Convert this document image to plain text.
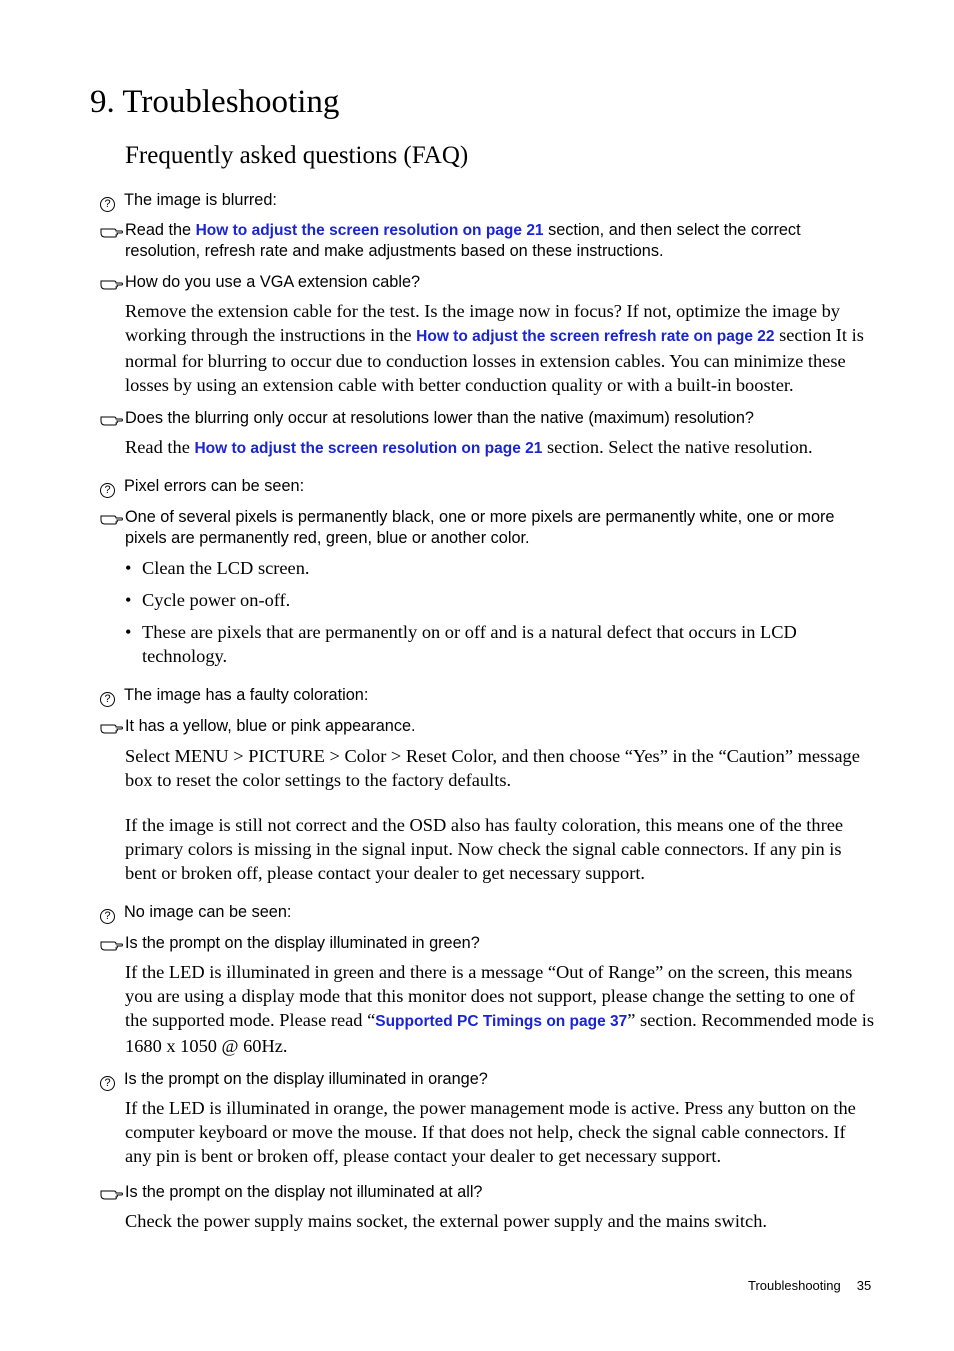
9. Troubleshooting
Frequently asked questions (FAQ)
? The image is blurred:
Read the How to adjust the screen resolution on page 21 section, and then select the correct resolution, refresh rate and make adjustments based on these instructions.
How do you use a VGA extension cable?

Remove the extension cable for the test. Is the image now in focus? If not, optimize the image by working through the instructions in the How to adjust the screen refresh rate on page 22 section It is normal for blurring to occur due to conduction losses in extension cables. You can minimize these losses by using an extension cable with better conduction quality or with a built-in booster.

Does the blurring only occur at resolutions lower than the native (maximum) resolution?

Read the How to adjust the screen resolution on page 21 section. Select the native resolution.

? Pixel errors can be seen:
One of several pixels is permanently black, one or more pixels are permanently white, one or more pixels are permanently red, green, blue or another color.
• Clean the LCD screen.
• Cycle power on-off.
• These are pixels that are permanently on or off and is a natural defect that occurs in LCD technology.
? The image has a faulty coloration:
It has a yellow, blue or pink appearance.

Select MENU > PICTURE > Color > Reset Color, and then choose “Yes” in the “Caution” message box to reset the color settings to the factory defaults.

If the image is still not correct and the OSD also has faulty coloration, this means one of the three primary colors is missing in the signal input. Now check the signal cable connectors. If any pin is bent or broken off, please contact your dealer to get necessary support.

? No image can be seen:
Is the prompt on the display illuminated in green?

If the LED is illuminated in green and there is a message “Out of Range” on the screen, this means you are using a display mode that this monitor does not support, please change the setting to one of the supported mode. Please read “Supported PC Timings on page 37” section. Recommended mode is 1680 x 1050 @ 60Hz.

? Is the prompt on the display illuminated in orange?

If the LED is illuminated in orange, the power management mode is active. Press any button on the computer keyboard or move the mouse. If that does not help, check the signal cable connectors. If any pin is bent or broken off, please contact your dealer to get necessary support.

Is the prompt on the display not illuminated at all?

Check the power supply mains socket, the external power supply and the mains switch.

Troubleshooting 35
